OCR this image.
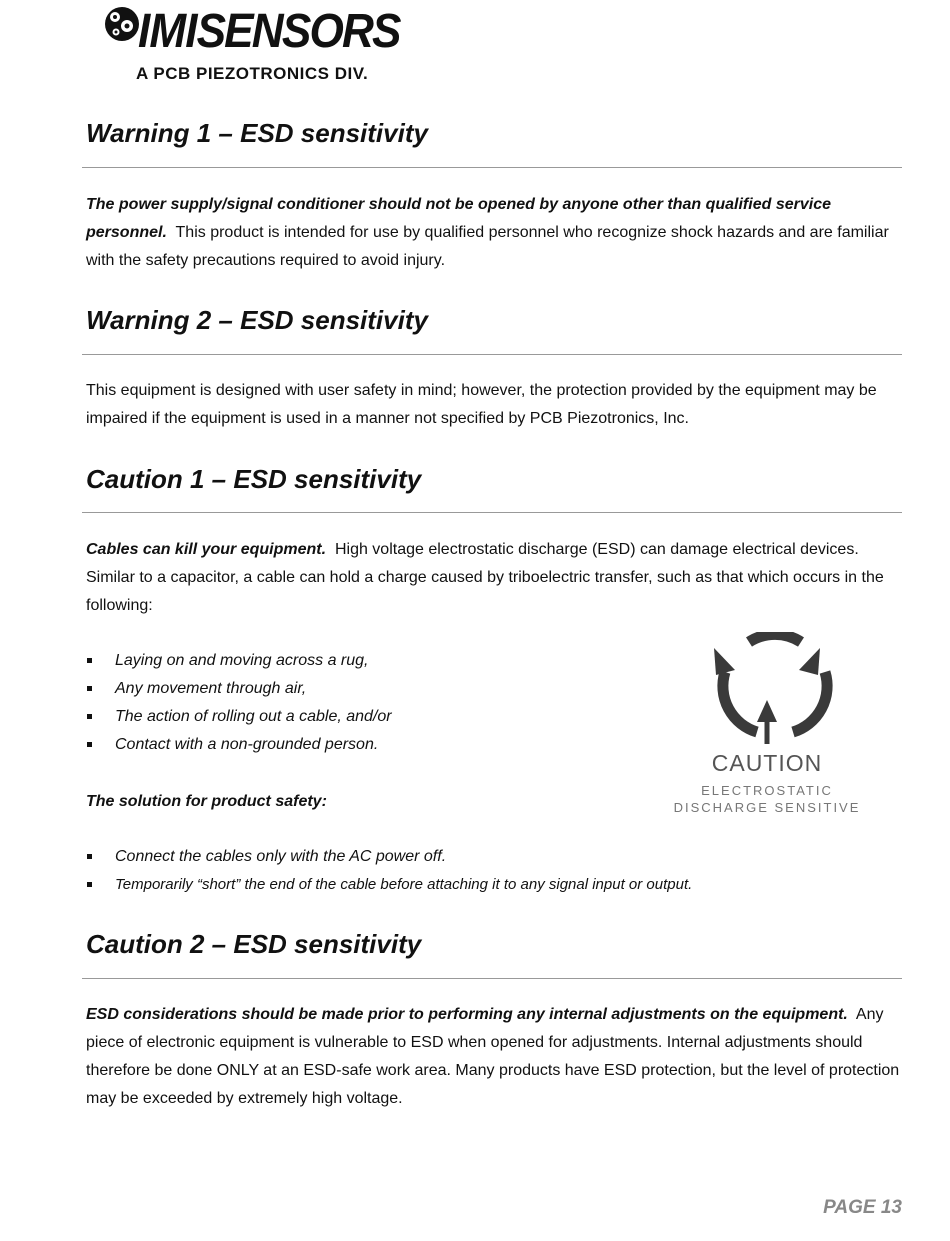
IMISENSORS
A PCB PIEZOTRONICS DIV.
Warning 1 – ESD sensitivity

The power supply/signal conditioner should not be opened by anyone other than qualified service personnel. This product is intended for use by qualified personnel who recognize shock hazards and are familiar with the safety precautions required to avoid injury.

Warning 2 – ESD sensitivity

This equipment is designed with user safety in mind; however, the protection provided by the equipment may be impaired if the equipment is used in a manner not specified by PCB Piezotronics, Inc.

Caution 1 – ESD sensitivity

Cables can kill your equipment. High voltage electrostatic discharge (ESD) can damage electrical devices. Similar to a capacitor, a cable can hold a charge caused by triboelectric transfer, such as that which occurs in the following:

Laying on and moving across a rug,
Any movement through air,
The action of rolling out a cable, and/or
Contact with a non-grounded person.

The solution for product safety:

Connect the cables only with the AC power off.
Temporarily “short” the end of the cable before attaching it to any signal input or output.
CAUTION
ELECTROSTATIC
DISCHARGE SENSITIVE
Caution 2 – ESD sensitivity

ESD considerations should be made prior to performing any internal adjustments on the equipment. Any piece of electronic equipment is vulnerable to ESD when opened for adjustments. Internal adjustments should therefore be done ONLY at an ESD-safe work area. Many products have ESD protection, but the level of protection may be exceeded by extremely high voltage.

PAGE 13
